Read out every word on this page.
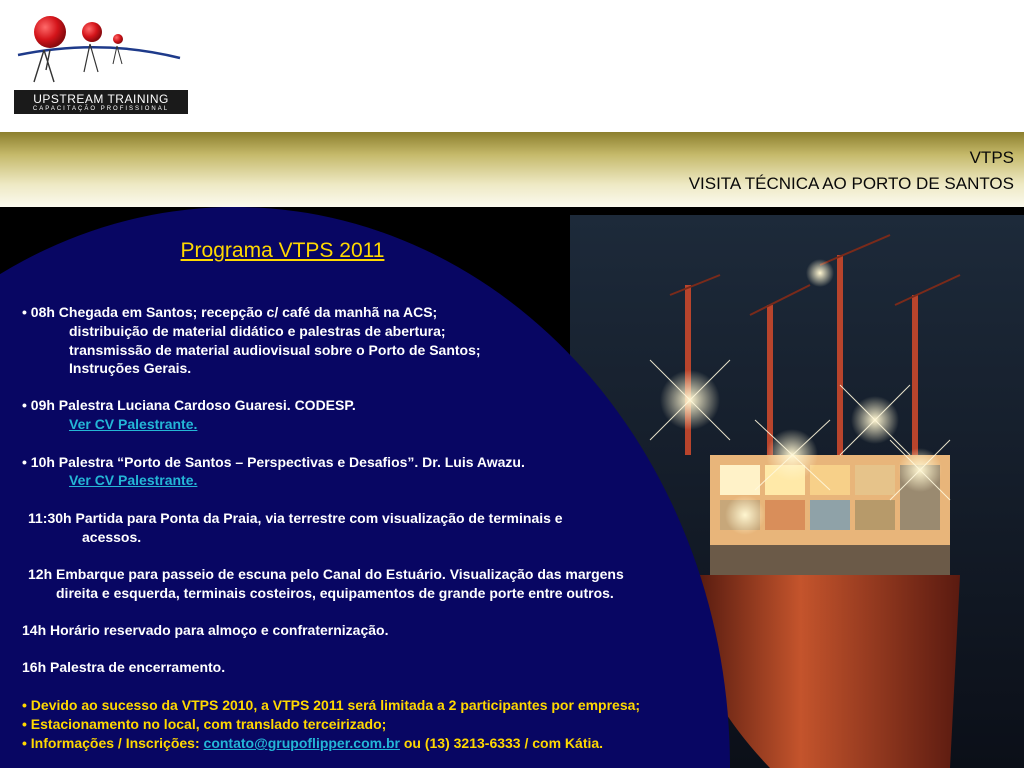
UPSTREAM TRAINING
CAPACITAÇÃO PROFISSIONAL
VTPS
VISITA TÉCNICA AO PORTO DE SANTOS
Programa VTPS 2011
• 08h Chegada em Santos; recepção c/ café da manhã na ACS;
distribuição de material didático e palestras de abertura;
transmissão de material audiovisual sobre o Porto de Santos;
Instruções Gerais.
• 09h Palestra Luciana Cardoso Guaresi. CODESP.
Ver CV Palestrante.
• 10h Palestra “Porto de Santos – Perspectivas e Desafios”. Dr. Luis Awazu.
Ver CV Palestrante.
11:30h Partida para Ponta da Praia, via terrestre com visualização de terminais e
acessos.
12h Embarque para passeio de escuna pelo Canal do Estuário. Visualização das margens
direita e esquerda, terminais costeiros, equipamentos de grande porte entre outros.
14h Horário reservado para almoço e confraternização.
16h Palestra de encerramento.
• Devido ao sucesso da VTPS 2010, a VTPS 2011 será limitada a 2 participantes por empresa;
• Estacionamento no local, com translado terceirizado;
• Informações / Inscrições: contato@grupoflipper.com.br ou (13) 3213-6333 / com Kátia.
